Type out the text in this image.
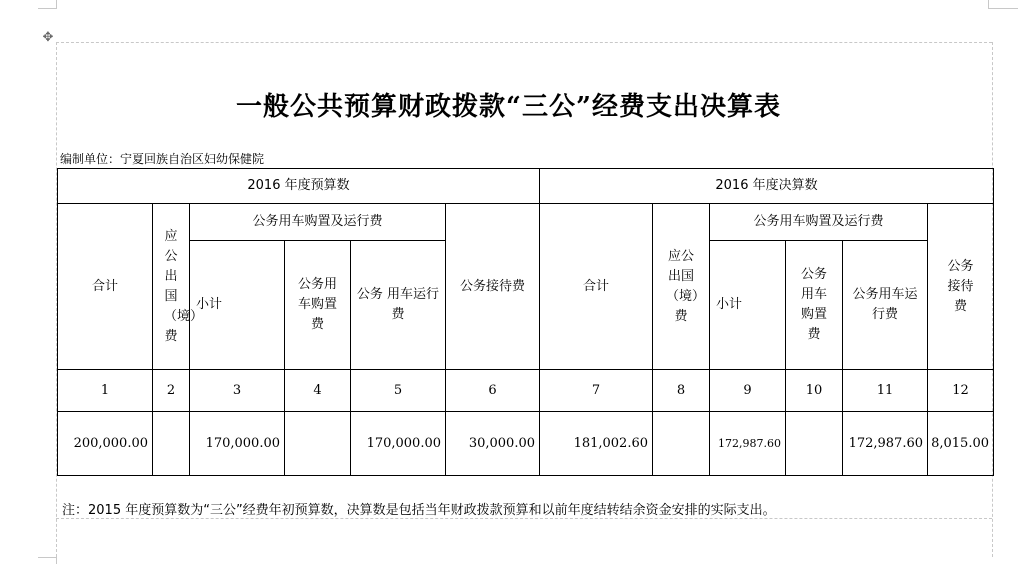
✥
一般公共预算财政拨款“三公”经费支出决算表
编制单位：宁夏回族自治区妇幼保健院
2016 年度预算数						2016 年度决算数					
合计	应公出国（境）费	公务用车购置及运行费			公务接待费	合计	应公出国（境）费	公务用车购置及运行费			公务接待费
		小计	公务用车购置费	公务 用车运行费				小计	公务用车购置费	公务用车运行费	
1	2	3	4	5	6	7	8	9	10	11	12
200,000.00		170,000.00		170,000.00	30,000.00	181,002.60		172,987.60		172,987.60	8,015.00
注：2015 年度预算数为“三公”经费年初预算数，决算数是包括当年财政拨款预算和以前年度结转结余资金安排的实际支出。
